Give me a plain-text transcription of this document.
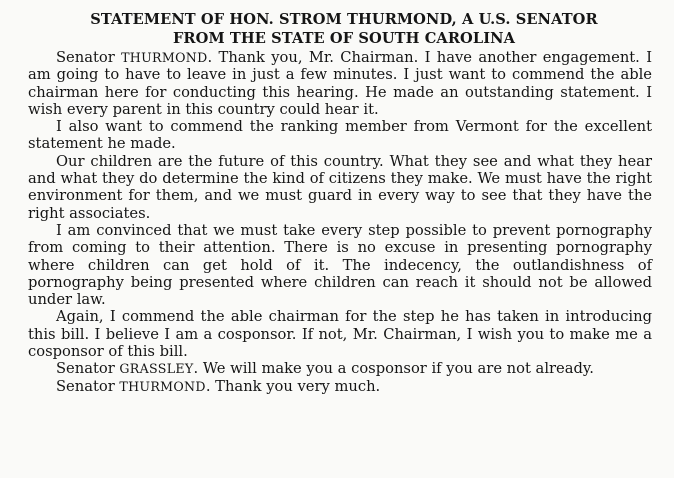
STATEMENT OF HON. STROM THURMOND, A U.S. SENATOR
FROM THE STATE OF SOUTH CAROLINA

Senator THURMOND. Thank you, Mr. Chairman. I have another engagement. I am going to have to leave in just a few minutes. I just want to commend the able chairman here for conducting this hearing. He made an outstanding statement. I wish every parent in this country could hear it.

I also want to commend the ranking member from Vermont for the excellent statement he made.

Our children are the future of this country. What they see and what they hear and what they do determine the kind of citizens they make. We must have the right environment for them, and we must guard in every way to see that they have the right associates.

I am convinced that we must take every step possible to prevent pornography from coming to their attention. There is no excuse in presenting pornography where children can get hold of it. The indecency, the outlandishness of pornography being presented where children can reach it should not be allowed under law.

Again, I commend the able chairman for the step he has taken in introducing this bill. I believe I am a cosponsor. If not, Mr. Chairman, I wish you to make me a cosponsor of this bill.

Senator GRASSLEY. We will make you a cosponsor if you are not already.

Senator THURMOND. Thank you very much.
